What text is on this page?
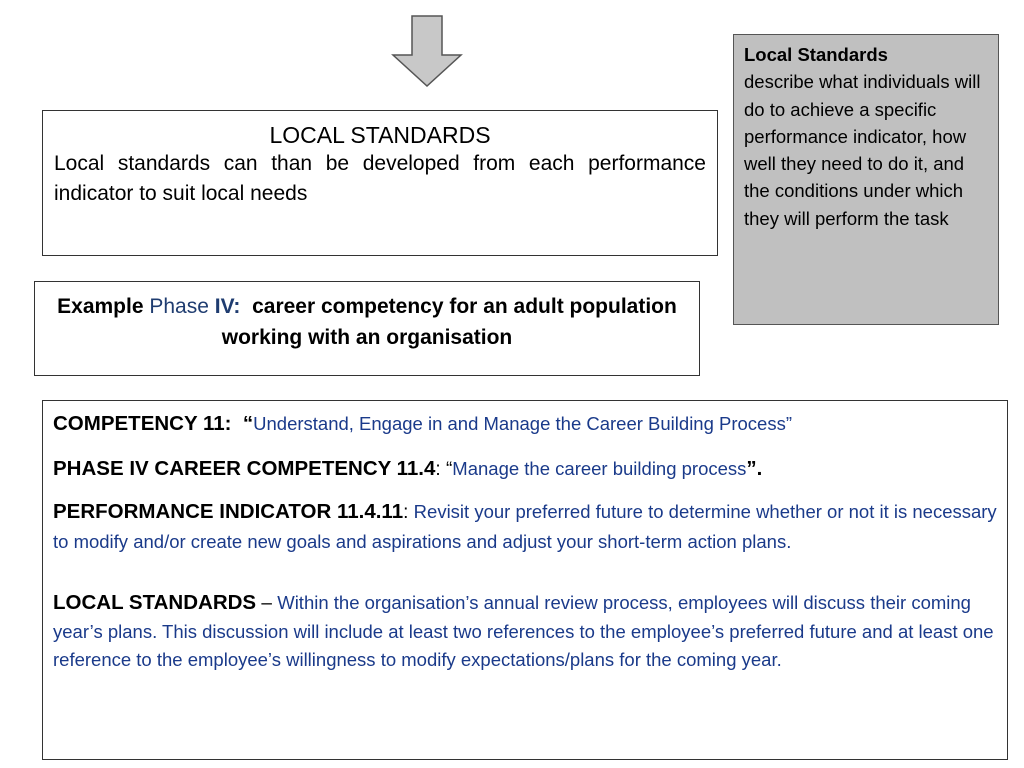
LOCAL STANDARDS
Local standards can than be developed from each performance indicator to suit local needs
Local Standards
describe what individuals will do to achieve a specific performance indicator, how well they need to do it, and the conditions under which they will perform the task
Example Phase IV:  career competency for an adult population working with an organisation

COMPETENCY 11:  “Understand, Engage in and Manage the Career Building Process”

PHASE IV CAREER COMPETENCY 11.4: “Manage the career building process”.

PERFORMANCE INDICATOR 11.4.11: Revisit your preferred future to determine whether or not it is necessary to modify and/or create new goals and aspirations and adjust your short-term action plans.

LOCAL STANDARDS – Within the organisation’s annual review process, employees will discuss their coming year’s plans. This discussion will include at least two references to the employee’s preferred future and at least one reference to the employee’s willingness to modify expectations/plans for the coming year.
